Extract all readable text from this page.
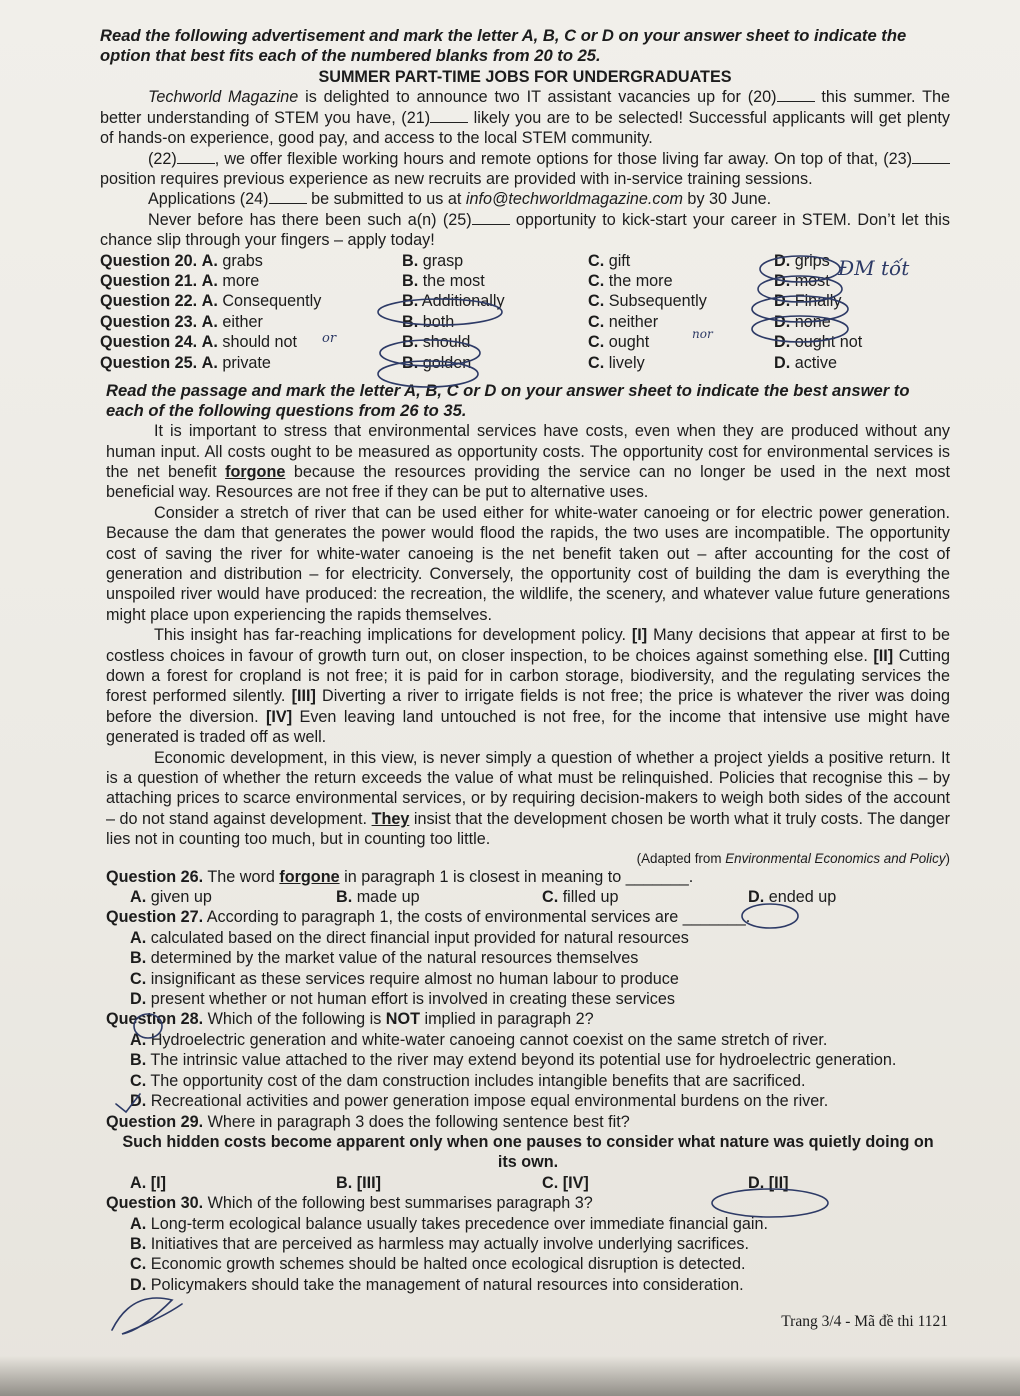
Read the following advertisement and mark the letter A, B, C or D on your answer sheet to indicate the option that best fits each of the numbered blanks from 20 to 25.
SUMMER PART-TIME JOBS FOR UNDERGRADUATES
Techworld Magazine is delighted to announce two IT assistant vacancies up for (20) this summer. The better understanding of STEM you have, (21) likely you are to be selected! Successful applicants will get plenty of hands-on experience, good pay, and access to the local STEM community.
(22) , we offer flexible working hours and remote options for those living far away. On top of that, (23) position requires previous experience as new recruits are provided with in-service training sessions.
Applications (24) be submitted to us at info@techworldmagazine.com by 30 June.
Never before has there been such a(n) (25) opportunity to kick-start your career in STEM. Don’t let this chance slip through your fingers – apply today!
Question 20. A. grabs	B. grasp	C. gift	D. grips
Question 21. A. more	B. the most	C. the more	D. most
Question 22. A. Consequently	B. Additionally	C. Subsequently	D. Finally
Question 23. A. either	B. both	C. neither	D. none
Question 24. A. should not	B. should	C. ought	D. ought not
Question 25. A. private	B. golden	C. lively	D. active
Read the passage and mark the letter A, B, C or D on your answer sheet to indicate the best answer to each of the following questions from 26 to 35.
It is important to stress that environmental services have costs, even when they are produced without any human input. All costs ought to be measured as opportunity costs. The opportunity cost for environmental services is the net benefit forgone because the resources providing the service can no longer be used in the next most beneficial way. Resources are not free if they can be put to alternative uses.
Consider a stretch of river that can be used either for white-water canoeing or for electric power generation. Because the dam that generates the power would flood the rapids, the two uses are incompatible. The opportunity cost of saving the river for white-water canoeing is the net benefit taken out – after accounting for the cost of generation and distribution – for electricity. Conversely, the opportunity cost of building the dam is everything the unspoiled river would have produced: the recreation, the wildlife, the scenery, and whatever value future generations might place upon experiencing the rapids themselves.
This insight has far-reaching implications for development policy. [I] Many decisions that appear at first to be costless choices in favour of growth turn out, on closer inspection, to be choices against something else. [II] Cutting down a forest for cropland is not free; it is paid for in carbon storage, biodiversity, and the regulating services the forest performed silently. [III] Diverting a river to irrigate fields is not free; the price is whatever the river was doing before the diversion. [IV] Even leaving land untouched is not free, for the income that intensive use might have generated is traded off as well.
Economic development, in this view, is never simply a question of whether a project yields a positive return. It is a question of whether the return exceeds the value of what must be relinquished. Policies that recognise this – by attaching prices to scarce environmental services, or by requiring decision-makers to weigh both sides of the account – do not stand against development. They insist that the development chosen be worth what it truly costs. The danger lies not in counting too much, but in counting too little.
(Adapted from Environmental Economics and Policy)
Question 26. The word forgone in paragraph 1 is closest in meaning to _______.
A. given up	B. made up	C. filled up	D. ended up
Question 27. According to paragraph 1, the costs of environmental services are _______.
A. calculated based on the direct financial input provided for natural resources
B. determined by the market value of the natural resources themselves
C. insignificant as these services require almost no human labour to produce
D. present whether or not human effort is involved in creating these services
Question 28. Which of the following is NOT implied in paragraph 2?
A. Hydroelectric generation and white-water canoeing cannot coexist on the same stretch of river.
B. The intrinsic value attached to the river may extend beyond its potential use for hydroelectric generation.
C. The opportunity cost of the dam construction includes intangible benefits that are sacrificed.
D. Recreational activities and power generation impose equal environmental burdens on the river.
Question 29. Where in paragraph 3 does the following sentence best fit?
Such hidden costs become apparent only when one pauses to consider what nature was quietly doing on its own.
A. [I]	B. [III]	C. [IV]	D. [II]
Question 30. Which of the following best summarises paragraph 3?
A. Long-term ecological balance usually takes precedence over immediate financial gain.
B. Initiatives that are perceived as harmless may actually involve underlying sacrifices.
C. Economic growth schemes should be halted once ecological disruption is detected.
D. Policymakers should take the management of natural resources into consideration.
Trang 3/4 - Mã đề thi 1121
ĐM tốt
or	nor
